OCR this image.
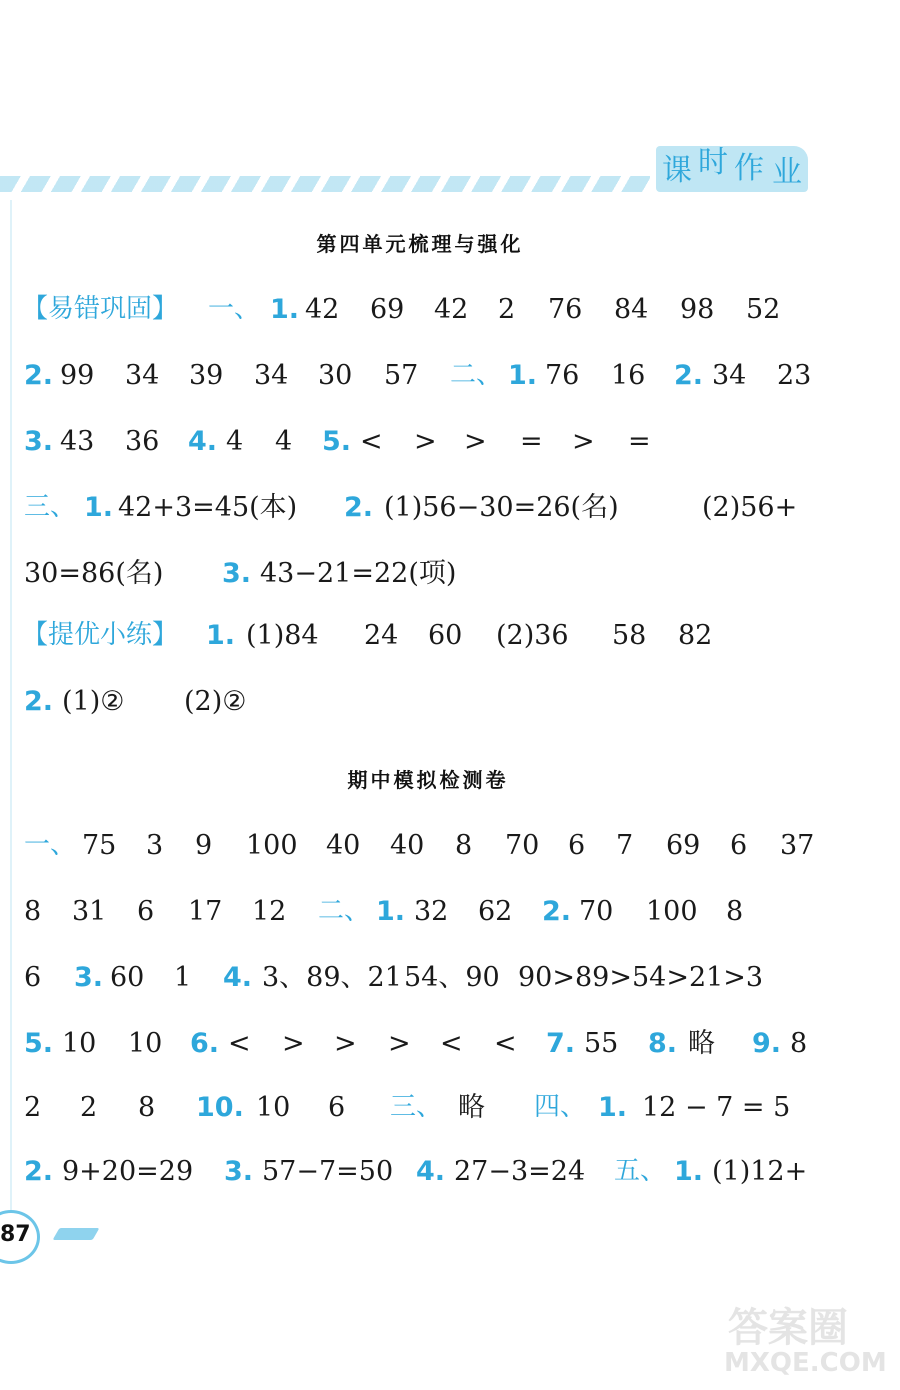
课 时 作 业
第四单元梳理与强化
期中模拟检测卷
【易错巩固】 一、 1. 42 69 42 2 76 84 98 52
2. 99 34 39 34 30 57 二、 1. 76 16 2. 34 23
3. 43 36 4. 4 4 5. < > > = > =
三、 1. 42+3=45(本) 2. (1)56−30=26(名)	(2)56+
30=86(名) 3. 43−21=22(项)
【提优小练】 1. (1)84 24 60 (2)36 58 82
2. (1)② (2)②
一、 75 3 9 100 40 40 8 70 6 7 69 6 37
8 31 6 17 12 二、 1. 32 62 2. 70 100 8
6 3. 60 1 4. 3、89、21 54、90 90>89>54>21>3
5. 10 10 6. < > > > < < 7. 55 8. 略 9. 8
2 2 8 10. 10 6 三、 略 四、 1. 12 − 7 = 5
2. 9+20=29 3. 57−7=50 4. 27−3=24 五、 1. (1)12+
87
答案圈
MXQE.COM
